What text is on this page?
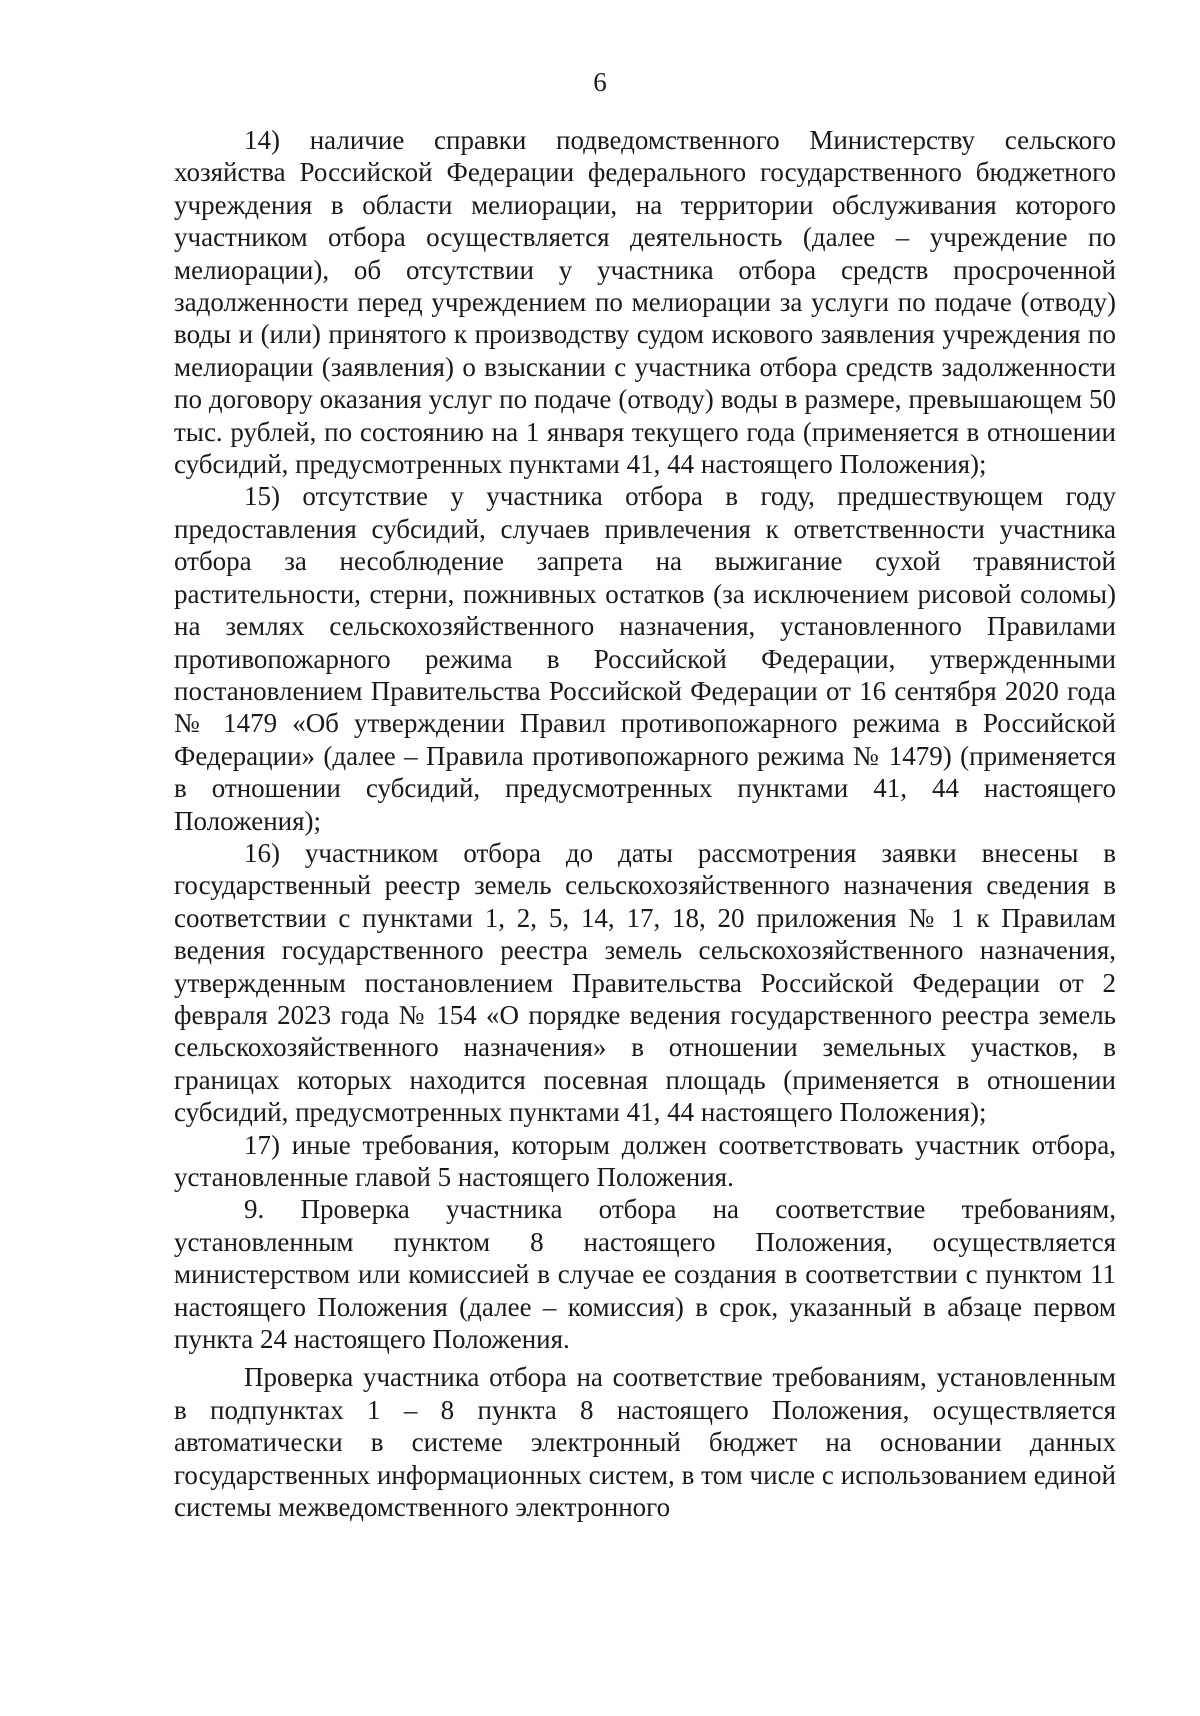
6

14) наличие справки подведомственного Министерству сельского хозяйства Российской Федерации федерального государственного бюджетного учреждения в области мелиорации, на территории обслуживания которого участником отбора осуществляется деятельность (далее – учреждение по мелиорации), об отсутствии у участника отбора средств просроченной задолженности перед учреждением по мелиорации за услуги по подаче (отводу) воды и (или) принятого к производству судом искового заявления учреждения по мелиорации (заявления) о взыскании с участника отбора средств задолженности по договору оказания услуг по подаче (отводу) воды в размере, превышающем 50 тыс. рублей, по состоянию на 1 января текущего года (применяется в отношении субсидий, предусмотренных пунктами 41, 44 настоящего Положения);

15) отсутствие у участника отбора в году, предшествующем году предоставления субсидий, случаев привлечения к ответственности участника отбора за несоблюдение запрета на выжигание сухой травянистой растительности, стерни, пожнивных остатков (за исключением рисовой соломы) на землях сельскохозяйственного назначения, установленного Правилами противопожарного режима в Российской Федерации, утвержденными постановлением Правительства Российской Федерации от 16 сентября 2020 года № 1479 «Об утверждении Правил противопожарного режима в Российской Федерации» (далее – Правила противопожарного режима № 1479) (применяется в отношении субсидий, предусмотренных пунктами 41, 44 настоящего Положения);

16) участником отбора до даты рассмотрения заявки внесены в государственный реестр земель сельскохозяйственного назначения сведения в соответствии с пунктами 1, 2, 5, 14, 17, 18, 20 приложения № 1 к Правилам ведения государственного реестра земель сельскохозяйственного назначения, утвержденным постановлением Правительства Российской Федерации от 2 февраля 2023 года № 154 «О порядке ведения государственного реестра земель сельскохозяйственного назначения» в отношении земельных участков, в границах которых находится посевная площадь (применяется в отношении субсидий, предусмотренных пунктами 41, 44 настоящего Положения);

17) иные требования, которым должен соответствовать участник отбора, установленные главой 5 настоящего Положения.

9. Проверка участника отбора на соответствие требованиям, установленным пунктом 8 настоящего Положения, осуществляется министерством или комиссией в случае ее создания в соответствии с пунктом 11 настоящего Положения (далее – комиссия) в срок, указанный в абзаце первом пункта 24 настоящего Положения.

Проверка участника отбора на соответствие требованиям, установленным в подпунктах 1 – 8 пункта 8 настоящего Положения, осуществляется автоматически в системе электронный бюджет на основании данных государственных информационных систем, в том числе с использованием единой системы межведомственного электронного
